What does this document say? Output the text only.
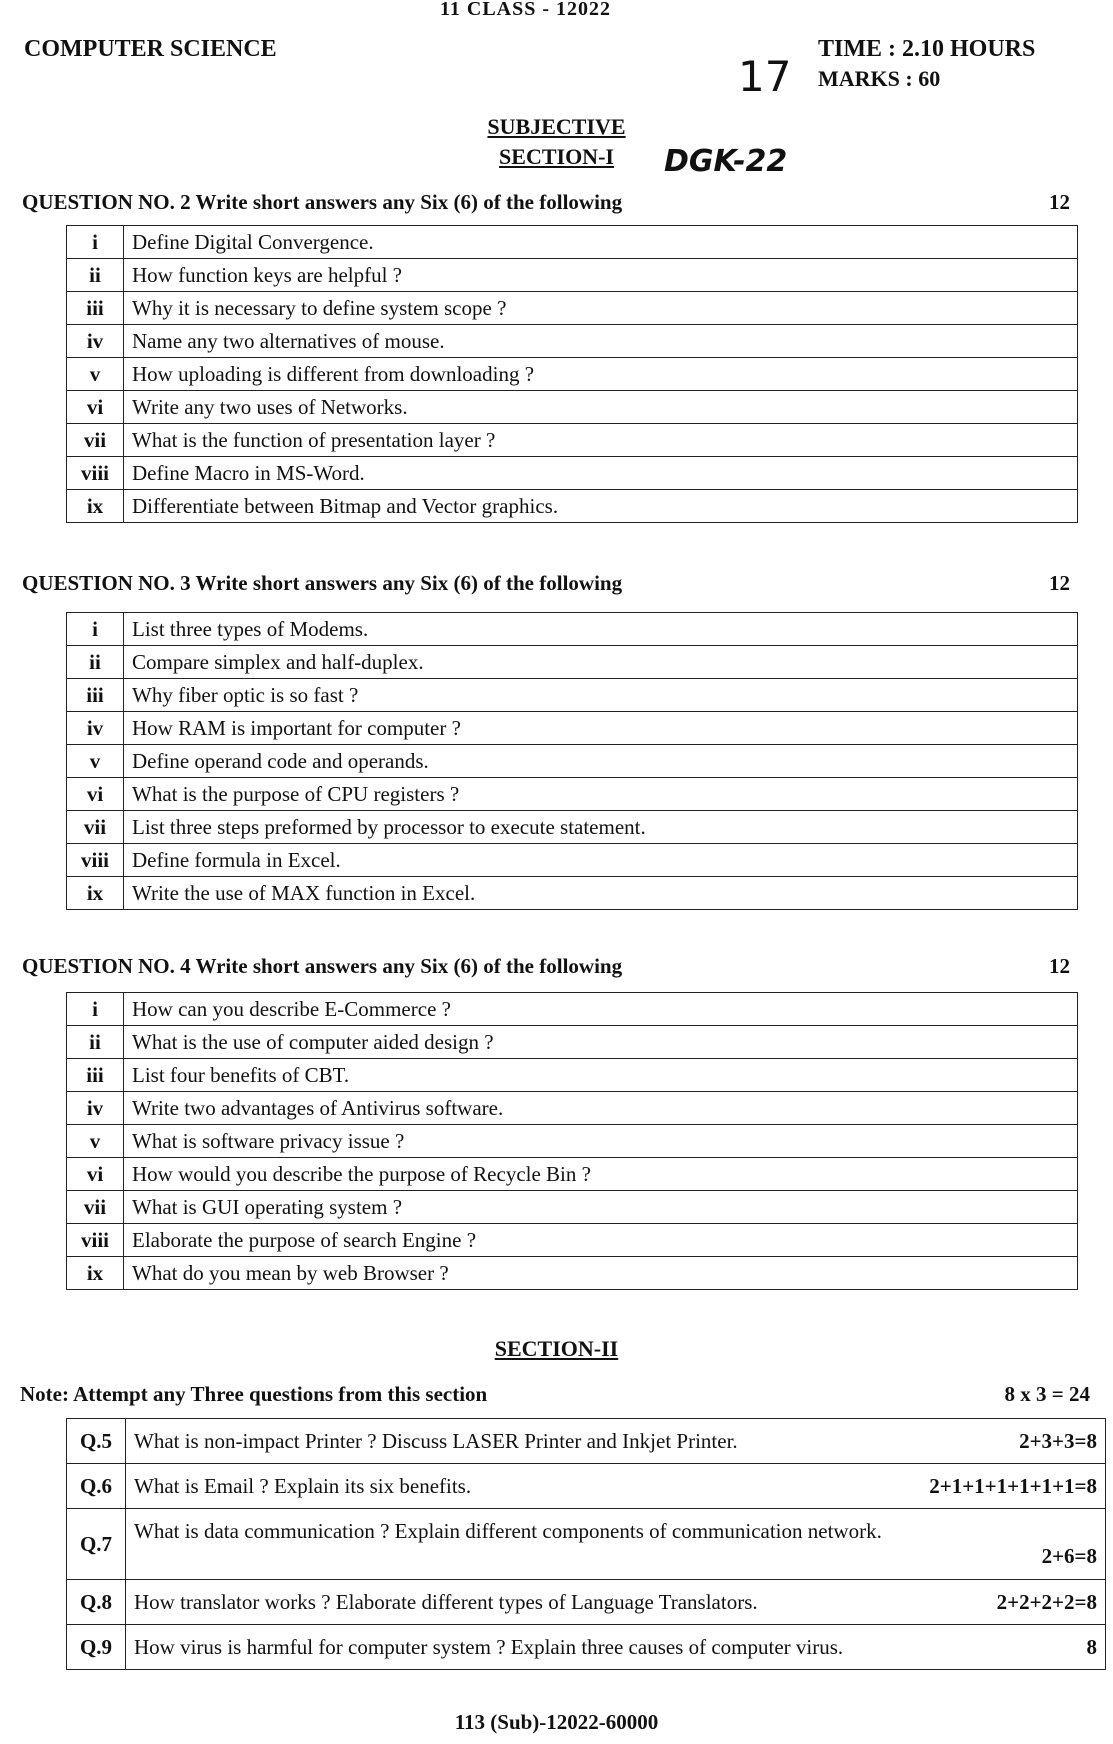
11 CLASS - 12022
COMPUTER SCIENCE	TIME : 2.10 HOURS
MARKS : 60
17
SUBJECTIVE
SECTION-I	DGK-22
QUESTION NO. 2 Write short answers any Six (6) of the following	12
i	Define Digital Convergence.
ii	How function keys are helpful ?
iii	Why it is necessary to define system scope ?
iv	Name any two alternatives of mouse.
v	How uploading is different from downloading ?
vi	Write any two uses of Networks.
vii	What is the function of presentation layer ?
viii	Define Macro in MS-Word.
ix	Differentiate between Bitmap and Vector graphics.
QUESTION NO. 3 Write short answers any Six (6) of the following	12
i	List three types of Modems.
ii	Compare simplex and half-duplex.
iii	Why fiber optic is so fast ?
iv	How RAM is important for computer ?
v	Define operand code and operands.
vi	What is the purpose of CPU registers ?
vii	List three steps preformed by processor to execute statement.
viii	Define formula in Excel.
ix	Write the use of MAX function in Excel.
QUESTION NO. 4 Write short answers any Six (6) of the following	12
i	How can you describe E-Commerce ?
ii	What is the use of computer aided design ?
iii	List four benefits of CBT.
iv	Write two advantages of Antivirus software.
v	What is software privacy issue ?
vi	How would you describe the purpose of Recycle Bin ?
vii	What is GUI operating system ?
viii	Elaborate the purpose of search Engine ?
ix	What do you mean by web Browser ?
SECTION-II
Note: Attempt any Three questions from this section	8 x 3 = 24
Q.5	What is non-impact Printer ? Discuss LASER Printer and Inkjet Printer. 2+3+3=8

Q.6	What is Email ? Explain its six benefits. 2+1+1+1+1+1+1=8

Q.7	What is data communication ? Explain different components of communication network.
2+6=8

Q.8	How translator works ? Elaborate different types of Language Translators. 2+2+2+2=8

Q.9	How virus is harmful for computer system ? Explain three causes of computer virus. 8
113 (Sub)-12022-60000
